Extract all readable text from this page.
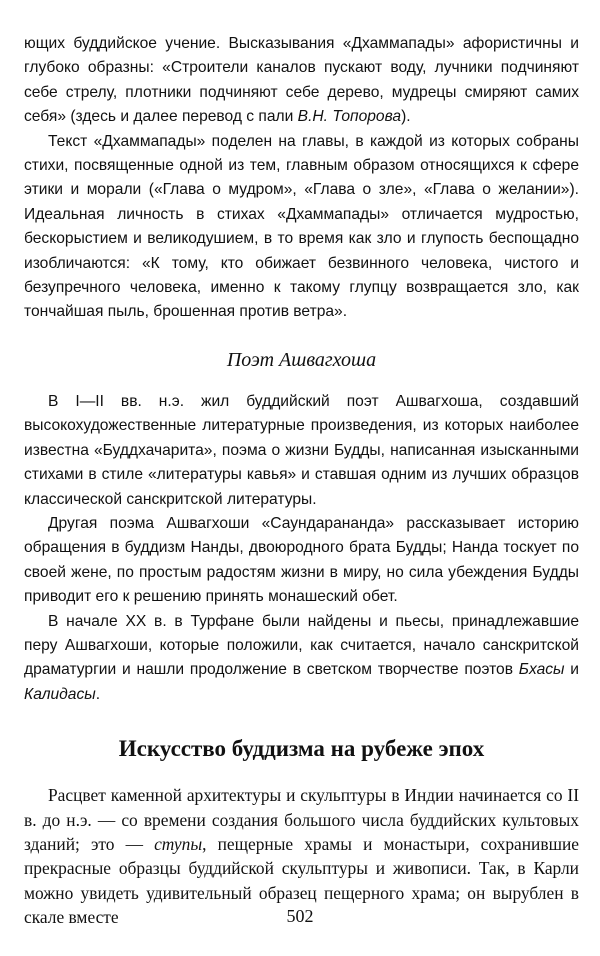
ющих буддийское учение. Высказывания «Дхаммапады» афористичны и глубоко образны: «Строители каналов пускают воду, лучники подчиняют себе стрелу, плотники подчиняют себе дерево, мудрецы смиряют самих себя» (здесь и далее перевод с пали В.Н. Топорова).

Текст «Дхаммапады» поделен на главы, в каждой из которых собраны стихи, посвященные одной из тем, главным образом относящихся к сфере этики и морали («Глава о мудром», «Глава о зле», «Глава о желании»). Идеальная личность в стихах «Дхаммапады» отличается мудростью, бескорыстием и великодушием, в то время как зло и глупость беспощадно изобличаются: «К тому, кто обижает безвинного человека, чистого и безупречного человека, именно к такому глупцу возвращается зло, как тончайшая пыль, брошенная против ветра».

Поэт Ашвагхоша

В I—II вв. н.э. жил буддийский поэт Ашвагхоша, создавший высокохудожественные литературные произведения, из которых наиболее известна «Буддхачарита», поэма о жизни Будды, написанная изысканными стихами в стиле «литературы кавья» и ставшая одним из лучших образцов классической санскритской литературы.

Другая поэма Ашвагхоши «Саундарананда» рассказывает историю обращения в буддизм Нанды, двоюродного брата Будды; Нанда тоскует по своей жене, по простым радостям жизни в миру, но сила убеждения Будды приводит его к решению принять монашеский обет.

В начале XX в. в Турфане были найдены и пьесы, принадлежавшие перу Ашвагхоши, которые положили, как считается, начало санскритской драматургии и нашли продолжение в светском творчестве поэтов Бхасы и Калидасы.

Искусство буддизма на рубеже эпох

Расцвет каменной архитектуры и скульптуры в Индии начинается со II в. до н.э. — со времени создания большого числа буддийских культовых зданий; это — ступы, пещерные храмы и монастыри, сохранившие прекрасные образцы буддийской скульптуры и живописи. Так, в Карли можно увидеть удивительный образец пещерного храма; он вырублен в скале вместе	502
